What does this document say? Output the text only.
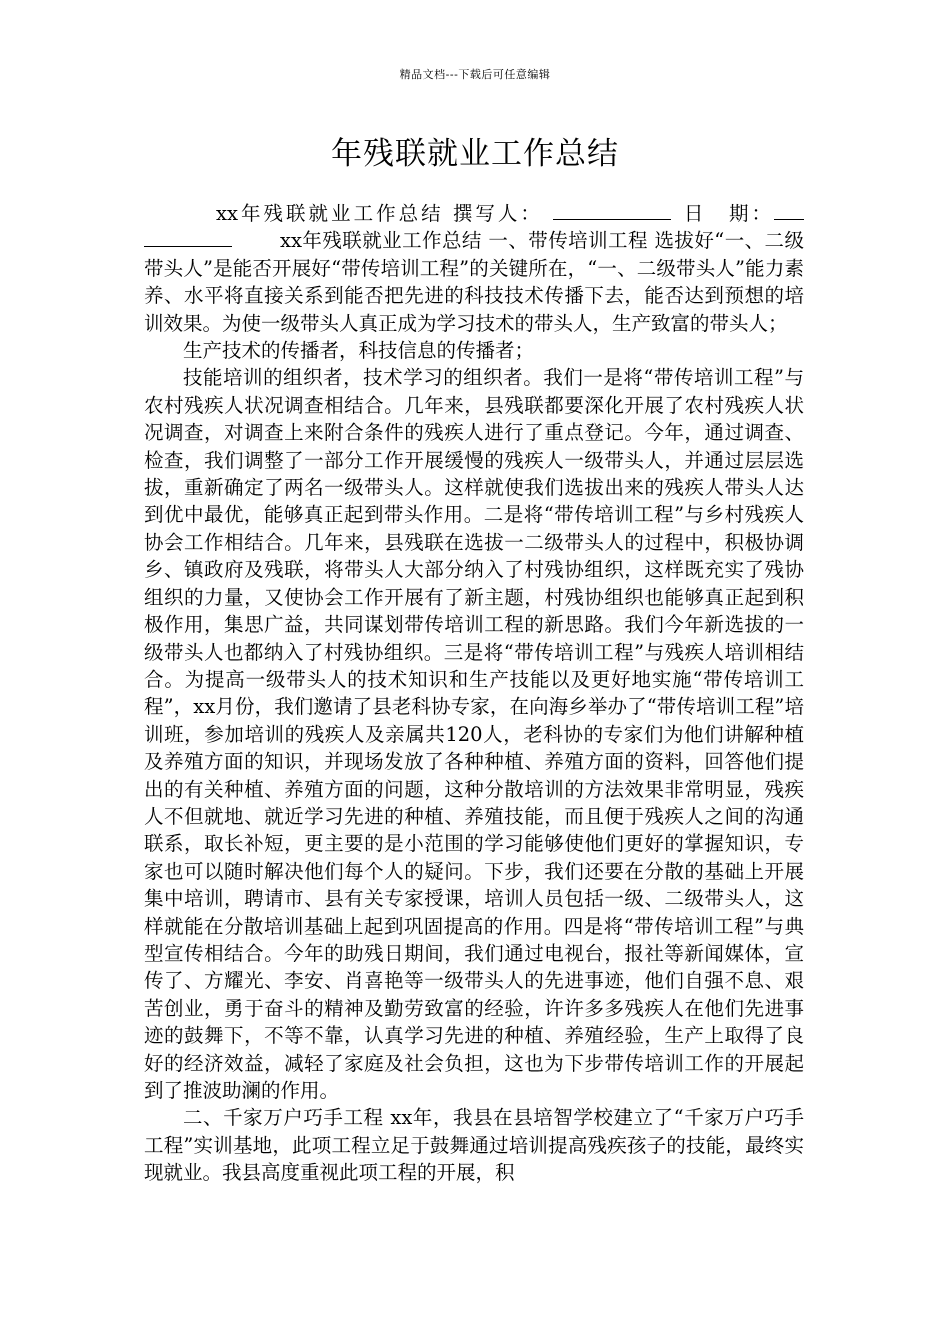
精品文档---下载后可任意编辑
年残联就业工作总结

xx年残联就业工作总结 撰写人：	日　期： xx年残联就业工作总结 一、带传培训工程 选拔好“一、二级带头人”是能否开展好“带传培训工程”的关键所在，“一、二级带头人”能力素养、水平将直接关系到能否把先进的科技技术传播下去，能否达到预想的培训效果。为使一级带头人真正成为学习技术的带头人，生产致富的带头人；

生产技术的传播者，科技信息的传播者；

技能培训的组织者，技术学习的组织者。我们一是将“带传培训工程”与农村残疾人状况调查相结合。几年来，县残联都要深化开展了农村残疾人状况调查，对调查上来附合条件的残疾人进行了重点登记。今年，通过调查、检查，我们调整了一部分工作开展缓慢的残疾人一级带头人，并通过层层选拔，重新确定了两名一级带头人。这样就使我们选拔出来的残疾人带头人达到优中最优，能够真正起到带头作用。二是将“带传培训工程”与乡村残疾人协会工作相结合。几年来，县残联在选拔一二级带头人的过程中，积极协调乡、镇政府及残联，将带头人大部分纳入了村残协组织，这样既充实了残协组织的力量，又使协会工作开展有了新主题，村残协组织也能够真正起到积极作用，集思广益，共同谋划带传培训工程的新思路。我们今年新选拔的一级带头人也都纳入了村残协组织。三是将“带传培训工程”与残疾人培训相结合。为提高一级带头人的技术知识和生产技能以及更好地实施“带传培训工程”，xx月份，我们邀请了县老科协专家，在向海乡举办了“带传培训工程”培训班，参加培训的残疾人及亲属共120人，老科协的专家们为他们讲解种植及养殖方面的知识，并现场发放了各种种植、养殖方面的资料，回答他们提出的有关种植、养殖方面的问题，这种分散培训的方法效果非常明显，残疾人不但就地、就近学习先进的种植、养殖技能，而且便于残疾人之间的沟通联系，取长补短，更主要的是小范围的学习能够使他们更好的掌握知识，专家也可以随时解决他们每个人的疑问。下步，我们还要在分散的基础上开展集中培训，聘请市、县有关专家授课，培训人员包括一级、二级带头人，这样就能在分散培训基础上起到巩固提高的作用。四是将“带传培训工程”与典型宣传相结合。今年的助残日期间，我们通过电视台，报社等新闻媒体，宣传了、方耀光、李安、肖喜艳等一级带头人的先进事迹，他们自强不息、艰苦创业，勇于奋斗的精神及勤劳致富的经验，许许多多残疾人在他们先进事迹的鼓舞下，不等不靠，认真学习先进的种植、养殖经验，生产上取得了良好的经济效益，减轻了家庭及社会负担，这也为下步带传培训工作的开展起到了推波助澜的作用。

二、千家万户巧手工程 xx年，我县在县培智学校建立了“千家万户巧手工程”实训基地，此项工程立足于鼓舞通过培训提高残疾孩子的技能，最终实现就业。我县高度重视此项工程的开展，积
